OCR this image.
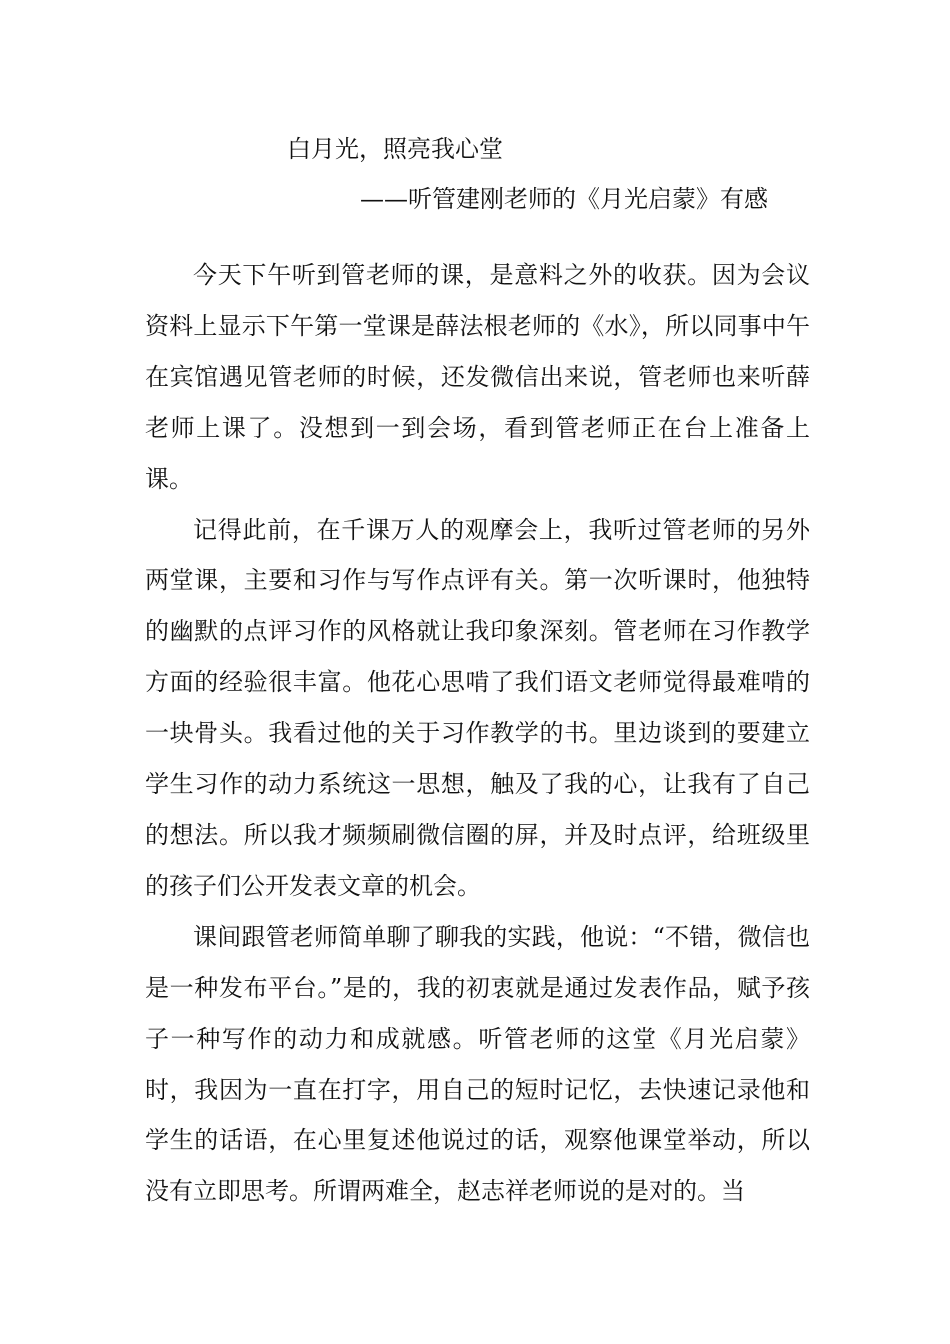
白月光，照亮我心堂
——听管建刚老师的《月光启蒙》有感

今天下午听到管老师的课，是意料之外的收获。因为会议资料上显示下午第一堂课是薛法根老师的《水》，所以同事中午在宾馆遇见管老师的时候，还发微信出来说，管老师也来听薛老师上课了。没想到一到会场，看到管老师正在台上准备上课。

记得此前，在千课万人的观摩会上，我听过管老师的另外两堂课，主要和习作与写作点评有关。第一次听课时，他独特的幽默的点评习作的风格就让我印象深刻。管老师在习作教学方面的经验很丰富。他花心思啃了我们语文老师觉得最难啃的一块骨头。我看过他的关于习作教学的书。里边谈到的要建立学生习作的动力系统这一思想，触及了我的心，让我有了自己的想法。所以我才频频刷微信圈的屏，并及时点评，给班级里的孩子们公开发表文章的机会。

课间跟管老师简单聊了聊我的实践，他说：“不错，微信也是一种发布平台。”是的，我的初衷就是通过发表作品，赋予孩子一种写作的动力和成就感。听管老师的这堂《月光启蒙》时，我因为一直在打字，用自己的短时记忆，去快速记录他和学生的话语，在心里复述他说过的话，观察他课堂举动，所以没有立即思考。所谓两难全，赵志祥老师说的是对的。当
